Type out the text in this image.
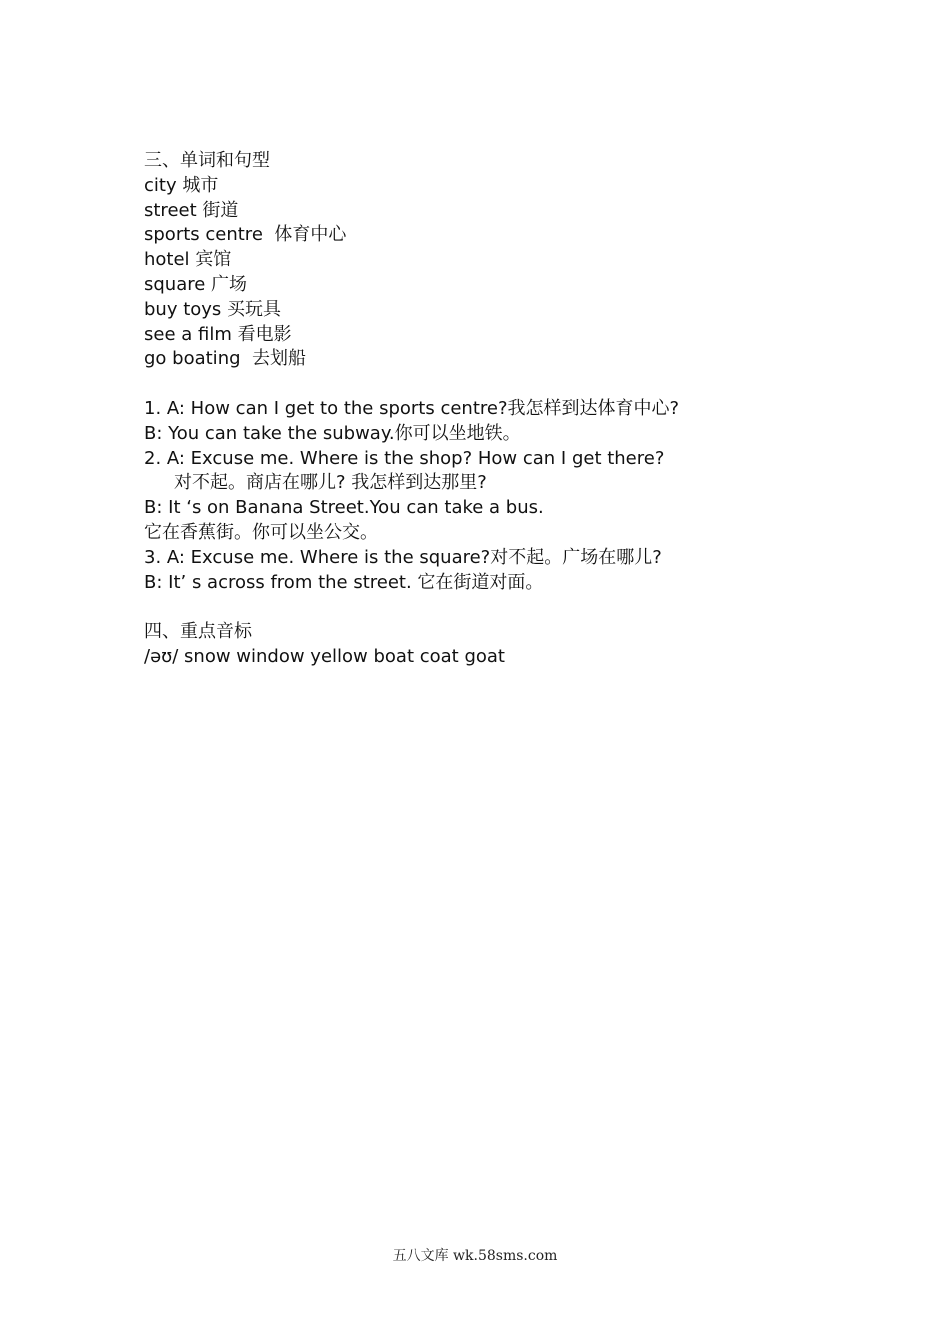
三、单词和句型
city 城市
street 街道
sports centre  体育中心
hotel 宾馆
square 广场
buy toys 买玩具
see a film 看电影
go boating  去划船
1. A: How can I get to the sports centre?我怎样到达体育中心?
B: You can take the subway.你可以坐地铁。
2. A: Excuse me. Where is the shop? How can I get there?
对不起。商店在哪儿? 我怎样到达那里?
B: It ‘s on Banana Street.You can take a bus.
它在香蕉街。你可以坐公交。
3. A: Excuse me. Where is the square?对不起。广场在哪儿?
B: It’ s across from the street. 它在街道对面。
四、重点音标
/əʊ/ snow window yellow boat coat goat
五八文库 wk.58sms.com
